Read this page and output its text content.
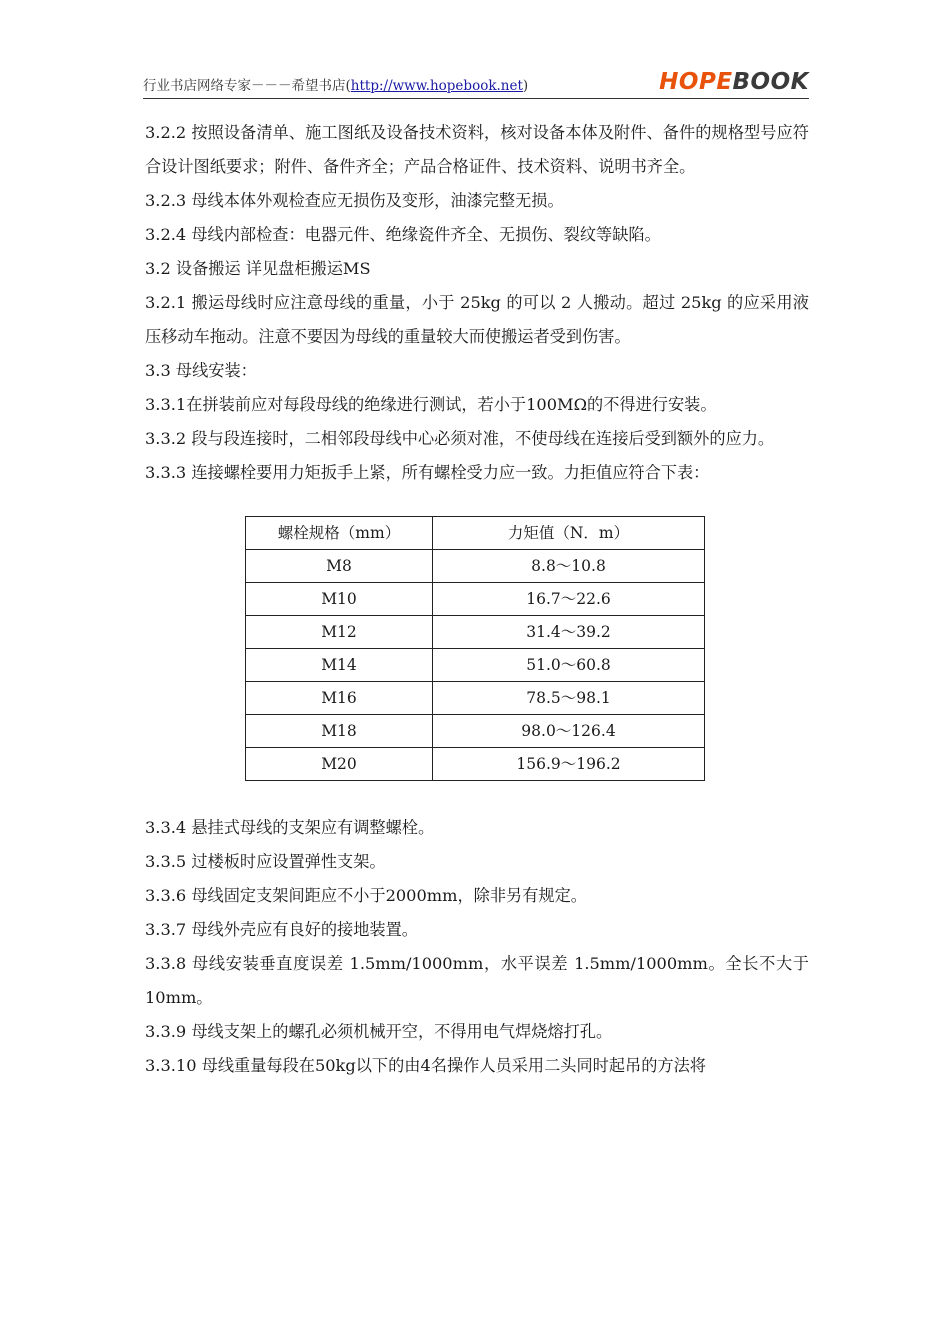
行业书店网络专家－－－希望书店(http://www.hopebook.net)	HOPEBOOK

3.2.2 按照设备清单、施工图纸及设备技术资料，核对设备本体及附件、备件的规格型号应符合设计图纸要求；附件、备件齐全；产品合格证件、技术资料、说明书齐全。

3.2.3 母线本体外观检查应无损伤及变形，油漆完整无损。

3.2.4 母线内部检查：电器元件、绝缘瓷件齐全、无损伤、裂纹等缺陷。

3.2 设备搬运 详见盘柜搬运MS

3.2.1 搬运母线时应注意母线的重量，小于 25kg 的可以 2 人搬动。超过 25kg 的应采用液压移动车拖动。注意不要因为母线的重量较大而使搬运者受到伤害。

3.3 母线安装：

3.3.1在拼装前应对每段母线的绝缘进行测试，若小于100MΩ的不得进行安装。

3.3.2 段与段连接时，二相邻段母线中心必须对准，不使母线在连接后受到额外的应力。

3.3.3 连接螺栓要用力矩扳手上紧，所有螺栓受力应一致。力拒值应符合下表：

螺栓规格（mm）	力矩值（N．m）
M8	8.8～10.8
M10	16.7～22.6
M12	31.4～39.2
M14	51.0～60.8
M16	78.5～98.1
M18	98.0～126.4
M20	156.9～196.2

3.3.4 悬挂式母线的支架应有调整螺栓。

3.3.5 过楼板时应设置弹性支架。

3.3.6 母线固定支架间距应不小于2000mm，除非另有规定。

3.3.7 母线外壳应有良好的接地装置。

3.3.8 母线安装垂直度误差 1.5mm/1000mm，水平误差 1.5mm/1000mm。全长不大于10mm。

3.3.9 母线支架上的螺孔必须机械开空，不得用电气焊烧熔打孔。

3.3.10 母线重量每段在50kg以下的由4名操作人员采用二头同时起吊的方法将
